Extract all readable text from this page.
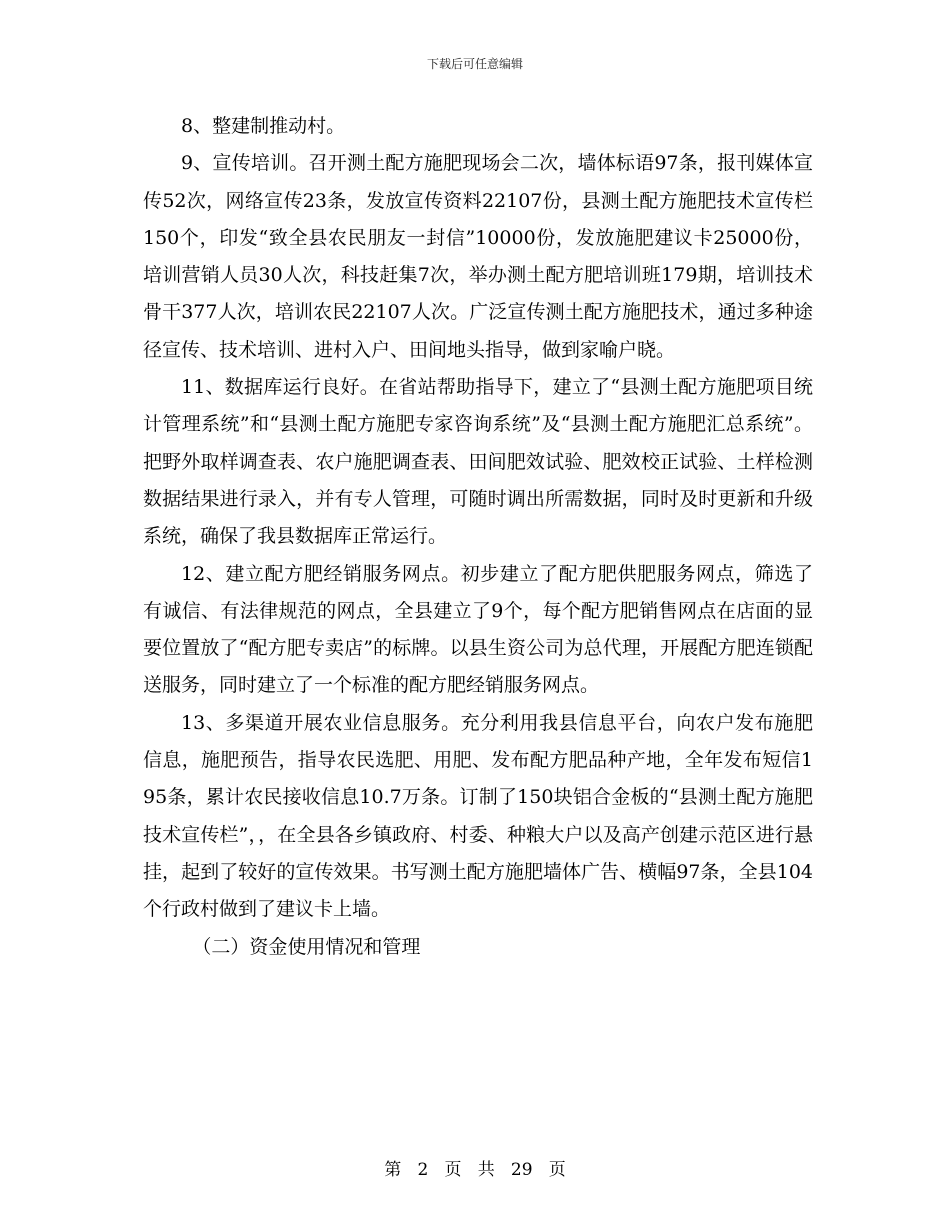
下载后可任意编辑

8、整建制推动村。

9、宣传培训。召开测土配方施肥现场会二次，墙体标语97条，报刊媒体宣传52次，网络宣传23条，发放宣传资料22107份，县测土配方施肥技术宣传栏150个，印发“致全县农民朋友一封信”10000份，发放施肥建议卡25000份，培训营销人员30人次，科技赶集7次，举办测土配方肥培训班179期，培训技术骨干377人次，培训农民22107人次。广泛宣传测土配方施肥技术，通过多种途径宣传、技术培训、进村入户、田间地头指导，做到家喻户晓。

11、数据库运行良好。在省站帮助指导下，建立了“县测土配方施肥项目统计管理系统”和“县测土配方施肥专家咨询系统”及“县测土配方施肥汇总系统”。把野外取样调查表、农户施肥调查表、田间肥效试验、肥效校正试验、土样检测数据结果进行录入，并有专人管理，可随时调出所需数据，同时及时更新和升级系统，确保了我县数据库正常运行。

12、建立配方肥经销服务网点。初步建立了配方肥供肥服务网点，筛选了有诚信、有法律规范的网点，全县建立了9个，每个配方肥销售网点在店面的显要位置放了“配方肥专卖店”的标牌。以县生资公司为总代理，开展配方肥连锁配送服务，同时建立了一个标准的配方肥经销服务网点。

13、多渠道开展农业信息服务。充分利用我县信息平台，向农户发布施肥信息，施肥预告，指导农民选肥、用肥、发布配方肥品种产地，全年发布短信195条，累计农民接收信息10.7万条。订制了150块铝合金板的“县测土配方施肥技术宣传栏”，，在全县各乡镇政府、村委、种粮大户以及高产创建示范区进行悬挂，起到了较好的宣传效果。书写测土配方施肥墙体广告、横幅97条，全县104个行政村做到了建议卡上墙。

（二）资金使用情况和管理

第 2 页 共 29 页
